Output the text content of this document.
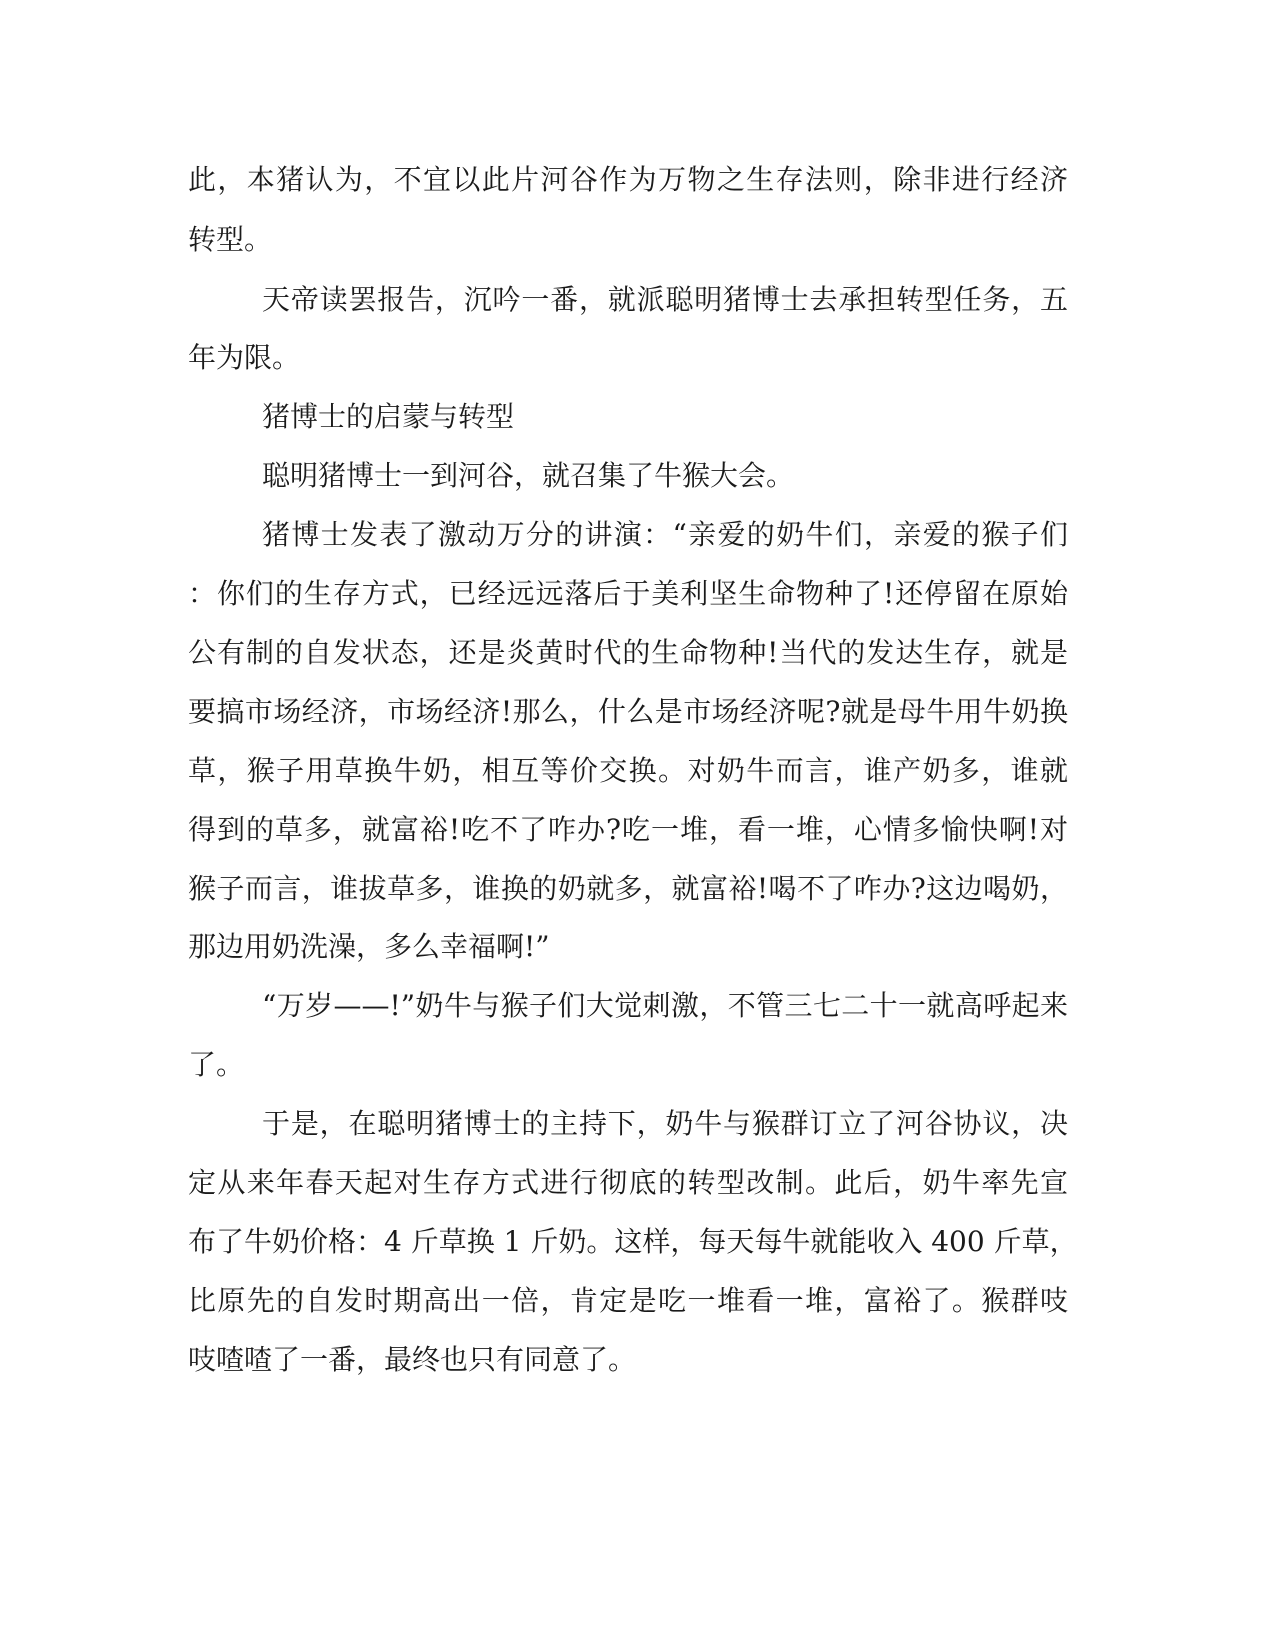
此，本猪认为，不宜以此片河谷作为万物之生存法则，除非进行经济
转型。
天帝读罢报告，沉吟一番，就派聪明猪博士去承担转型任务，五
年为限。
猪博士的启蒙与转型
聪明猪博士一到河谷，就召集了牛猴大会。
猪博士发表了激动万分的讲演：“亲爱的奶牛们，亲爱的猴子们
：你们的生存方式，已经远远落后于美利坚生命物种了!还停留在原始
公有制的自发状态，还是炎黄时代的生命物种!当代的发达生存，就是
要搞市场经济，市场经济!那么，什么是市场经济呢?就是母牛用牛奶换
草，猴子用草换牛奶，相互等价交换。对奶牛而言，谁产奶多，谁就
得到的草多，就富裕!吃不了咋办?吃一堆，看一堆，心情多愉快啊!对
猴子而言，谁拔草多，谁换的奶就多，就富裕!喝不了咋办?这边喝奶，
那边用奶洗澡，多么幸福啊!”
“万岁——!”奶牛与猴子们大觉刺激，不管三七二十一就高呼起来
了。
于是，在聪明猪博士的主持下，奶牛与猴群订立了河谷协议，决
定从来年春天起对生存方式进行彻底的转型改制。此后，奶牛率先宣
布了牛奶价格：4 斤草换 1 斤奶。这样，每天每牛就能收入 400 斤草，
比原先的自发时期高出一倍，肯定是吃一堆看一堆，富裕了。猴群吱
吱喳喳了一番，最终也只有同意了。
